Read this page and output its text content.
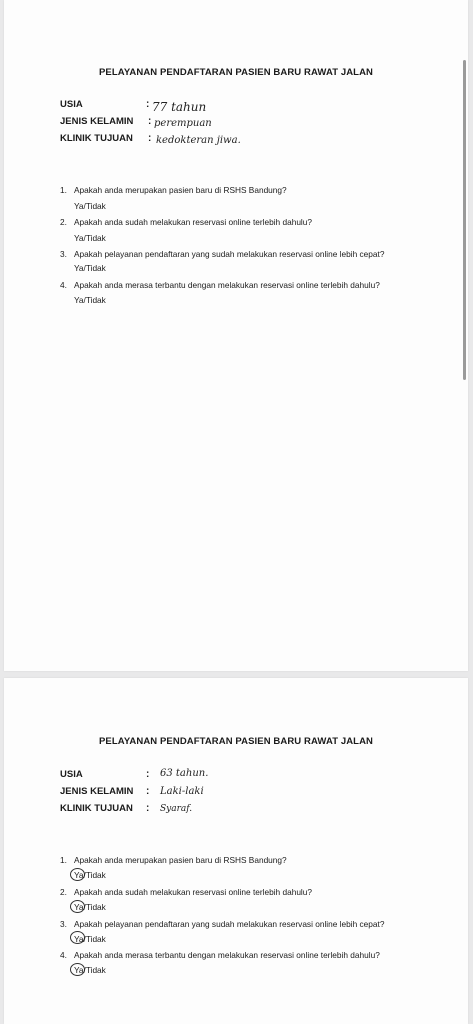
PELAYANAN PENDAFTARAN PASIEN BARU RAWAT JALAN
USIA	: 77 tahun
JENIS KELAMIN : perempuan
KLINIK TUJUAN : kedokteran jiwa.
1. Apakah anda merupakan pasien baru di RSHS Bandung?
Ya/Tidak
2. Apakah anda sudah melakukan reservasi online terlebih dahulu?
Ya/Tidak
3. Apakah pelayanan pendaftaran yang sudah melakukan reservasi online lebih cepat?
Ya/Tidak
4. Apakah anda merasa terbantu dengan melakukan reservasi online terlebih dahulu?
Ya/Tidak
PELAYANAN PENDAFTARAN PASIEN BARU RAWAT JALAN
USIA	: 63 tahun.
JENIS KELAMIN : Laki-laki
KLINIK TUJUAN : Syaraf.
1. Apakah anda merupakan pasien baru di RSHS Bandung?
Ya/Tidak
2. Apakah anda sudah melakukan reservasi online terlebih dahulu?
Ya/Tidak
3. Apakah pelayanan pendaftaran yang sudah melakukan reservasi online lebih cepat?
Ya/Tidak
4. Apakah anda merasa terbantu dengan melakukan reservasi online terlebih dahulu?
Ya/Tidak
